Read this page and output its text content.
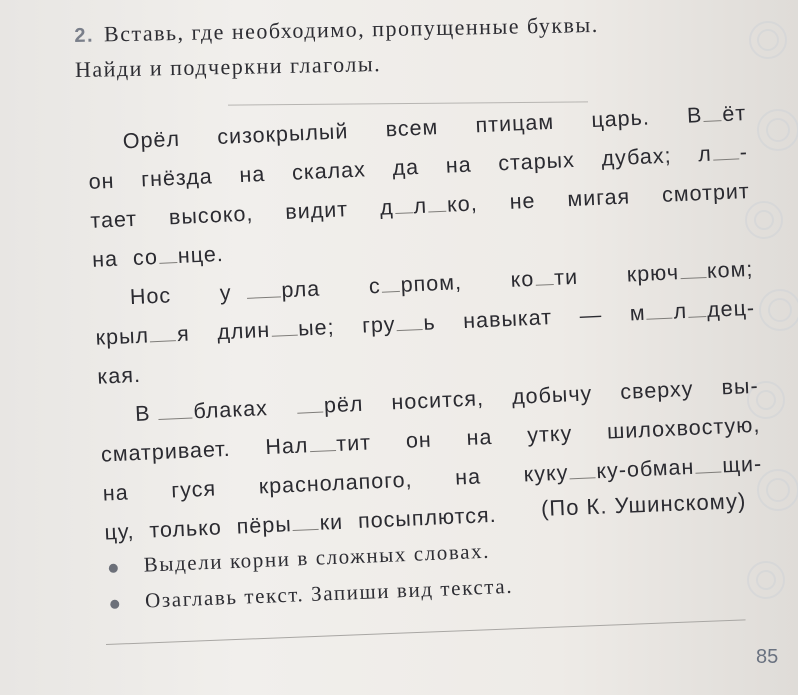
2. Вставь, где необходимо, пропущенные буквы.
Найди и подчеркни глаголы.
Орёл сизокрылый всем птицам царь. В ёт
он гнёзда на скалах да на старых дубах; л -
тает высоко, видит д л ко, не мигая смотрит
на
со нце.
Нос у рла с рпом, ко ти крюч ком;
крыл я длин ые; гру ь навыкат — м л дец-
кая.
В блаках	рёл носится, добычу сверху вы-
сматривает. Нал тит он на утку шилохвостую,
на гуся краснолапого, на куку ку-обман щи-
цу,
только
пёры ки
посыплются. (По К. Ушинскому)
Выдели корни в сложных словах.
Озаглавь текст. Запиши вид текста.
85
